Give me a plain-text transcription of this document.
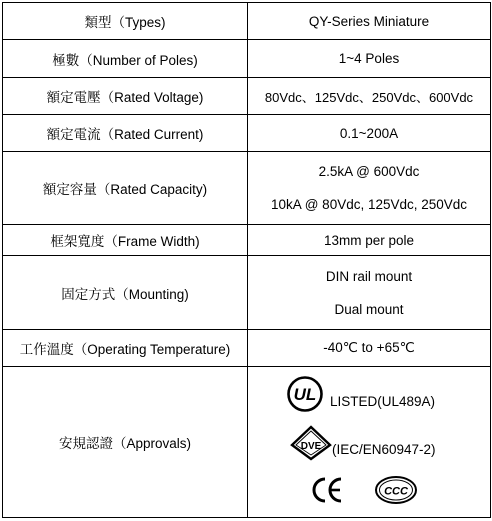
類型（Types)	QY-Series Miniature
極數（Number of Poles)	1~4 Poles
額定電壓（Rated Voltage)	80Vdc、125Vdc、250Vdc、600Vdc
額定電流（Rated Current)	0.1~200A
額定容量（Rated Capacity)	2.5kA @ 600Vdc
10kA @ 80Vdc, 125Vdc, 250Vdc

框架寬度（Frame Width)	13mm per pole
固定方式（Mounting)	DIN rail mount
Dual mount

工作溫度（Operating Temperature)	-40℃ to +65℃
安規認證（Approvals)	UL LISTED(UL489A)
DVE (IEC/EN60947-2)
CCC
